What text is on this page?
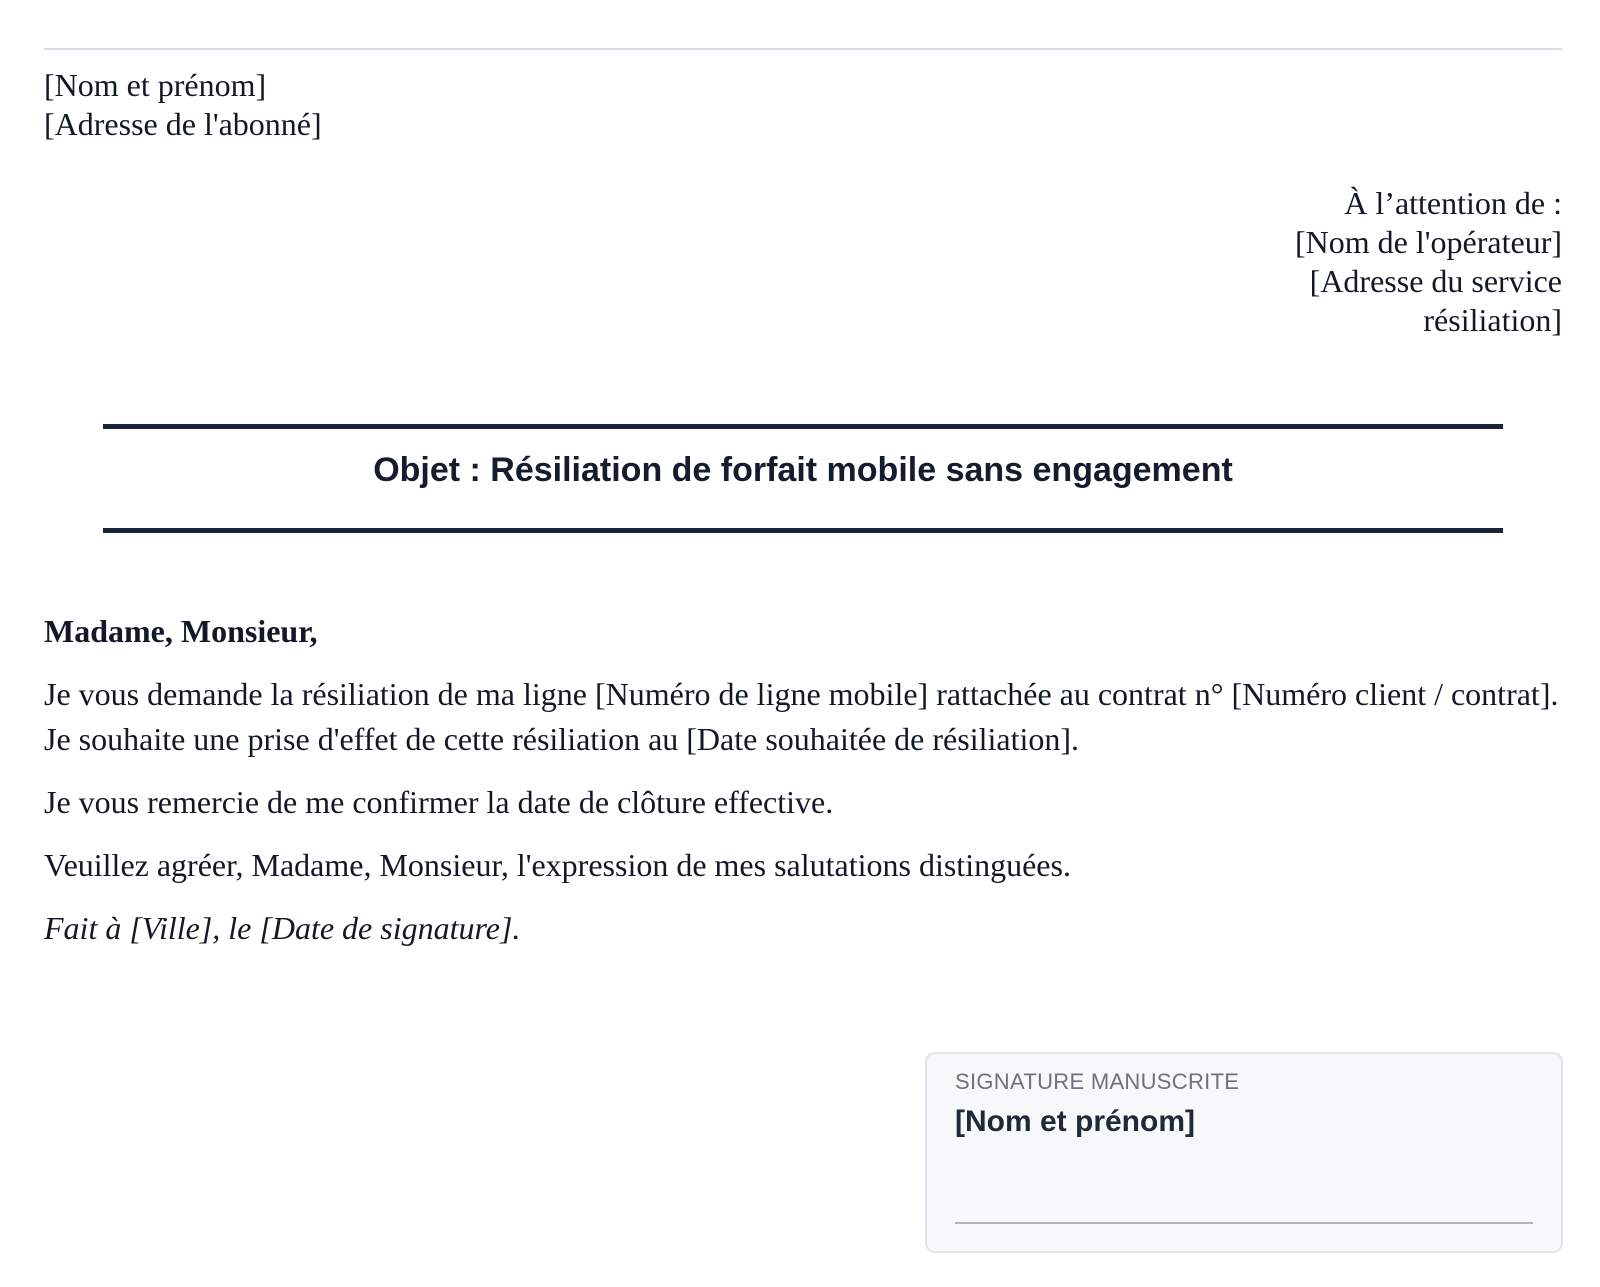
[Nom et prénom]
[Adresse de l'abonné]
À l’attention de :
[Nom de l'opérateur]
[Adresse du service
résiliation]
Objet : Résiliation de forfait mobile sans engagement

Madame, Monsieur,

Je vous demande la résiliation de ma ligne [Numéro de ligne mobile] rattachée au contrat n° [Numéro client / contrat].

Je souhaite une prise d'effet de cette résiliation au [Date souhaitée de résiliation].

Je vous remercie de me confirmer la date de clôture effective.

Veuillez agréer, Madame, Monsieur, l'expression de mes salutations distinguées.

Fait à [Ville], le [Date de signature].

SIGNATURE MANUSCRITE
[Nom et prénom]
